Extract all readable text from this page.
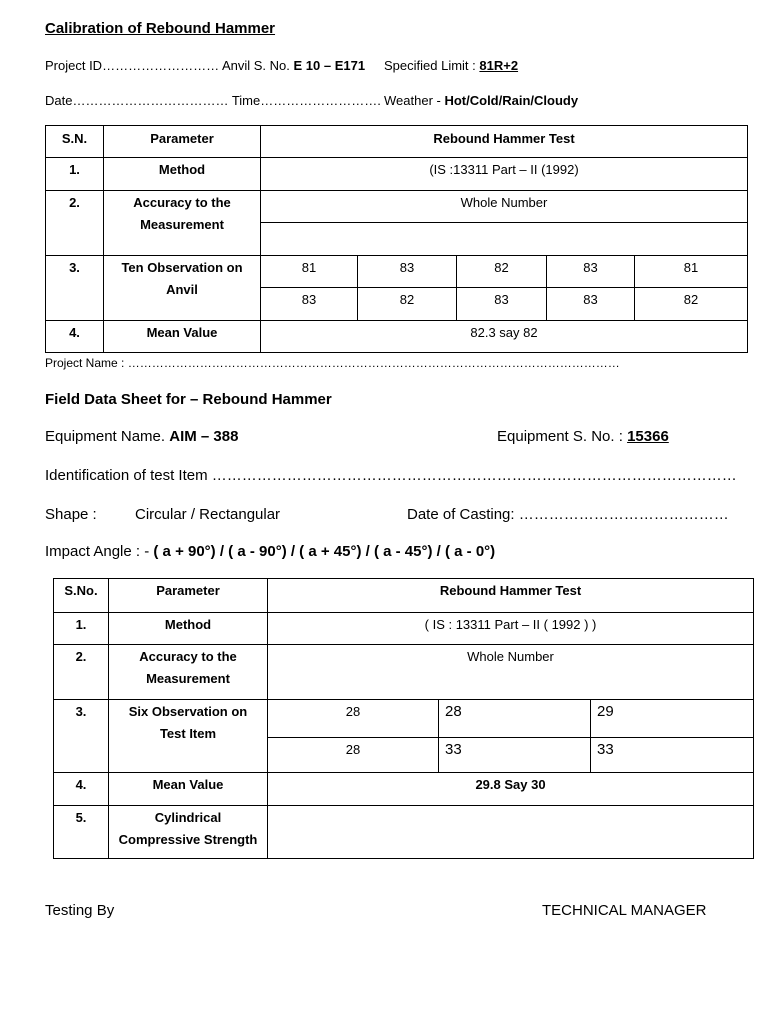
Calibration of Rebound Hammer
Project ID……………………… Anvil S. No. E 10 – E171 Specified Limit : 81R+2
Date……………………………… Time………………………. Weather - Hot/Cold/Rain/Cloudy
S.N.	Parameter	Rebound Hammer Test				
1.	Method	(IS :13311 Part – II (1992)				
2.	Accuracy to the
Measurement	Whole Number				

3.	Ten Observation on
Anvil	81	83	82	83	81
		83	82	83	83	82
4.	Mean Value	82.3 say 82				
Project Name : ……………………………………………………………………………………………………………
Field Data Sheet for – Rebound Hammer
Equipment Name. AIM – 388	Equipment S. No. : 15366
Identification of test Item ……………………………………………………………………………………………
Shape :	Circular / Rectangular	Date of Casting: ……………………………………
Impact Angle : - ( a + 90°) / ( a - 90°) / ( a + 45°) / ( a - 45°) / ( a - 0°)
S.No.	Parameter	Rebound Hammer Test		
1.	Method	( IS : 13311 Part – II ( 1992 ) )		
2.	Accuracy to the
Measurement	Whole Number		
3.	Six Observation on
Test Item	28	28	29
		28	33	33
4.	Mean Value	29.8 Say 30		
5.	Cylindrical
Compressive Strength			

Testing By	TECHNICAL MANAGER
